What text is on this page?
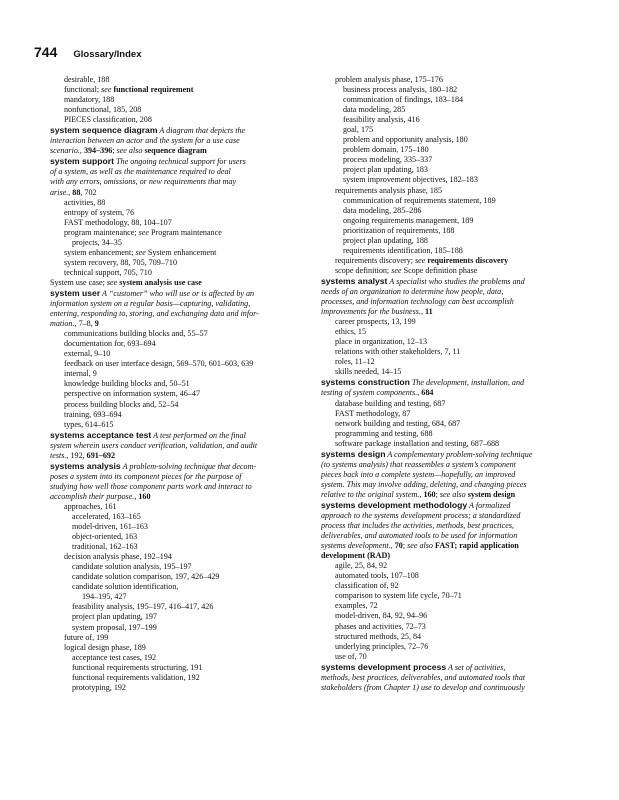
744 Glossary/Index
desirable, 188
functional; see functional requirement
mandatory, 188
nonfunctional, 185, 208
PIECES classification, 208
system sequence diagram A diagram that depicts the
interaction between an actor and the system for a use case
scenario., 394–396; see also sequence diagram
system support The ongoing technical support for users
of a system, as well as the maintenance required to deal
with any errors, omissions, or new requirements that may
arise., 88, 702
activities, 88
entropy of system, 76
FAST methodology, 88, 104–107
program maintenance; see Program maintenance
projects, 34–35
system enhancement; see System enhancement
system recovery, 88, 705, 709–710
technical support, 705, 710
System use case; see system analysis use case
system user A “customer” who will use or is affected by an
information system on a regular basis—capturing, validating,
entering, responding to, storing, and exchanging data and infor-
mation., 7–8, 9
communications building blocks and, 55–57
documentation for, 693–694
external, 9–10
feedback on user interface design, 569–570, 601–603, 639
internal, 9
knowledge building blocks and, 50–51
perspective on information system, 46–47
process building blocks and, 52–54
training, 693–694
types, 614–615
systems acceptance test A test performed on the final
system wherein users conduct verification, validation, and audit
tests., 192, 691–692
systems analysis A problem-solving technique that decom-
poses a system into its component pieces for the purpose of
studying how well those component parts work and interact to
accomplish their purpose., 160
approaches, 161
accelerated, 163–165
model-driven, 161–163
object-oriented, 163
traditional, 162–163
decision analysis phase, 192–194
candidate solution analysis, 195–197
candidate solution comparison, 197, 426–429
candidate solution identification,
194–195, 427
feasibility analysis, 195–197, 416–417, 426
project plan updating, 197
system proposal, 197–199
future of, 199
logical design phase, 189
acceptance test cases, 192
functional requirements structuring, 191
functional requirements validation, 192
prototyping, 192
problem analysis phase, 175–176
business process analysis, 180–182
communication of findings, 183–184
data modeling, 285
feasibility analysis, 416
goal, 175
problem and opportunity analysis, 180
problem domain, 175–180
process modeling, 335–337
project plan updating, 183
system improvement objectives, 182–183
requirements analysis phase, 185
communication of requirements statement, 189
data modeling, 285–286
ongoing requirements management, 189
prioritization of requirements, 188
project plan updating, 188
requirements identification, 185–188
requirements discovery; see requirements discovery
scope definition; see Scope definition phase
systems analyst A specialist who studies the problems and
needs of an organization to determine how people, data,
processes, and information technology can best accomplish
improvements for the business., 11
career prospects, 13, 199
ethics, 15
place in organization, 12–13
relations with other stakeholders, 7, 11
roles, 11–12
skills needed, 14–15
systems construction The development, installation, and
testing of system components., 684
database building and testing, 687
FAST methodology, 87
network building and testing, 684, 687
programming and testing, 688
software package installation and testing, 687–688
systems design A complementary problem-solving technique
(to systems analysis) that reassembles a system’s component
pieces back into a complete system—hopefully, an improved
system. This may involve adding, deleting, and changing pieces
relative to the original system., 160; see also system design
systems development methodology A formalized
approach to the systems development process; a standardized
process that includes the activities, methods, best practices,
deliverables, and automated tools to be used for information
systems development., 70; see also FAST; rapid application
development (RAD)
agile, 25, 84, 92
automated tools, 107–108
classification of, 92
comparison to system life cycle, 70–71
examples, 72
model-driven, 84, 92, 94–96
phases and activities, 72–73
structured methods, 25, 84
underlying principles, 72–76
use of, 70
systems development process A set of activities,
methods, best practices, deliverables, and automated tools that
stakeholders (from Chapter 1) use to develop and continuously
